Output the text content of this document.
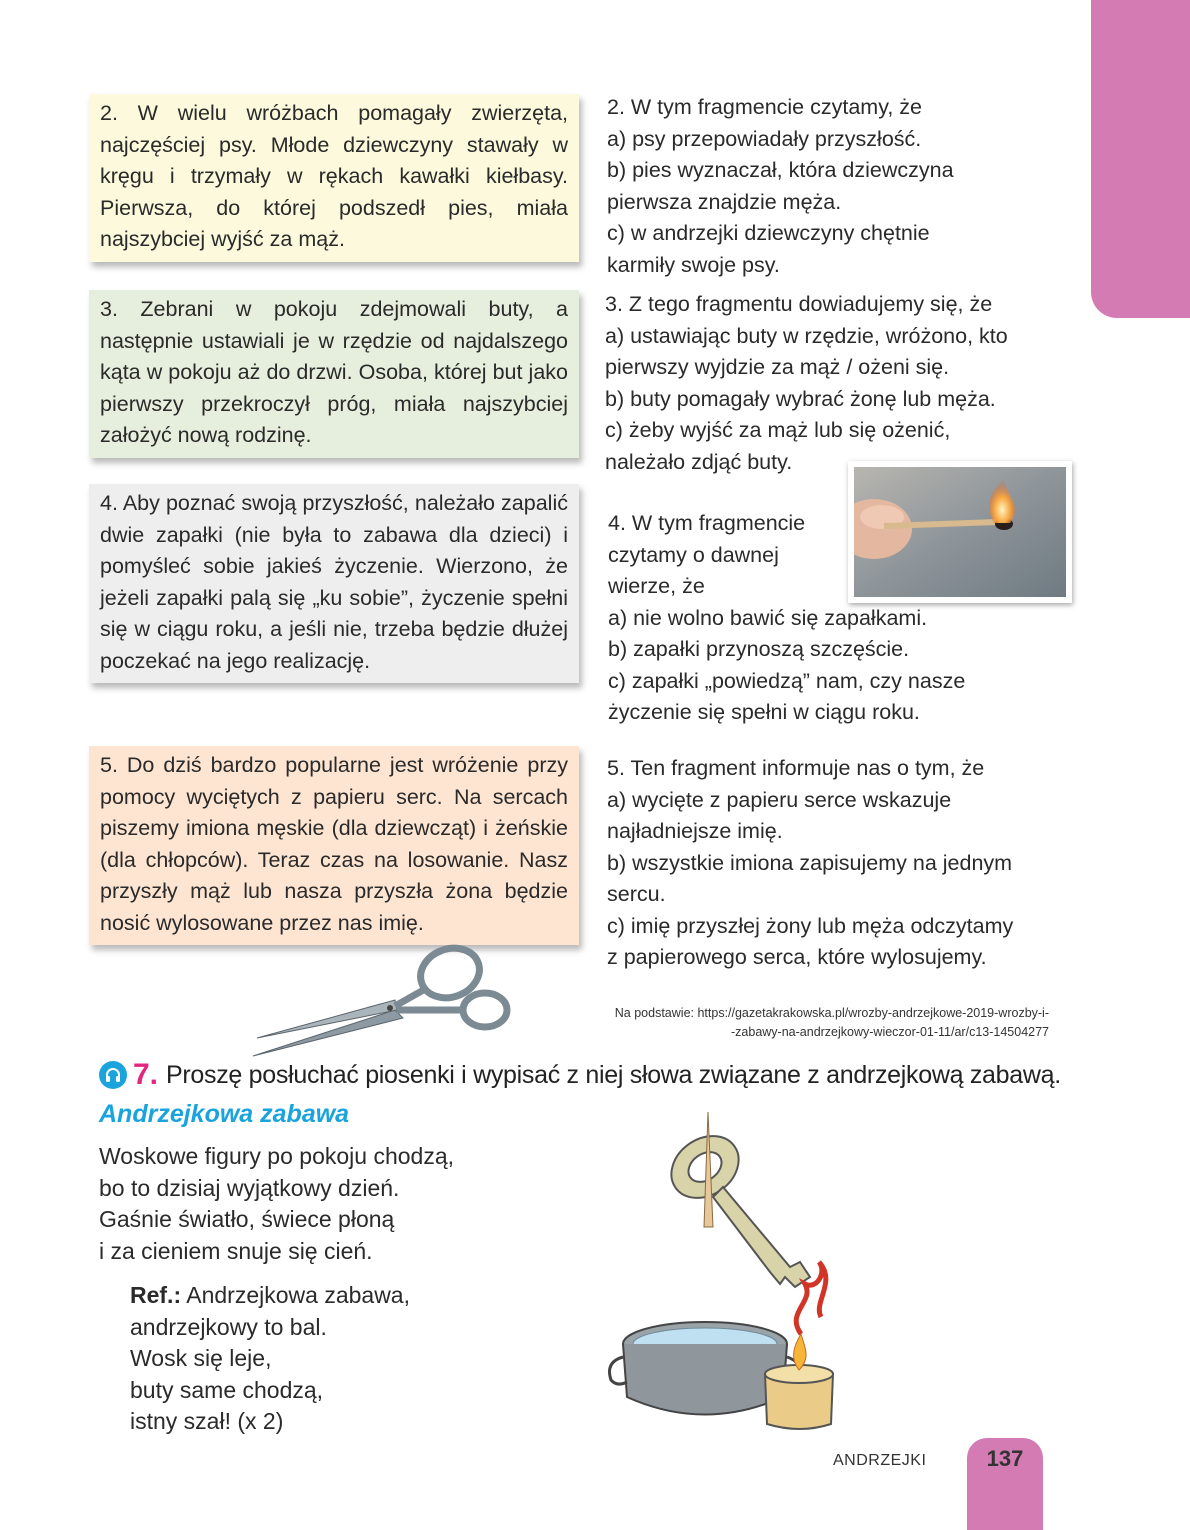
2. W wielu wróżbach pomagały zwierzęta, najczęściej psy. Młode dziewczyny stawały w kręgu i trzymały w rękach kawałki kiełbasy. Pierwsza, do której podszedł pies, miała najszybciej wyjść za mąż.
3. Zebrani w pokoju zdejmowali buty, a następnie ustawiali je w rzędzie od najdalszego kąta w pokoju aż do drzwi. Osoba, której but jako pierwszy przekroczył próg, miała najszybciej założyć nową rodzinę.
4. Aby poznać swoją przyszłość, należało zapalić dwie zapałki (nie była to zabawa dla dzieci) i pomyśleć sobie jakieś życzenie. Wierzono, że jeżeli zapałki palą się „ku sobie”, życzenie spełni się w ciągu roku, a jeśli nie, trzeba będzie dłużej poczekać na jego realizację.
5. Do dziś bardzo popularne jest wróżenie przy pomocy wyciętych z papieru serc. Na sercach piszemy imiona męskie (dla dziewcząt) i żeńskie (dla chłopców). Teraz czas na losowanie. Nasz przyszły mąż lub nasza przyszła żona będzie nosić wylosowane przez nas imię.
2. W tym fragmencie czytamy, że
a) psy przepowiadały przyszłość.
b) pies wyznaczał, która dziewczyna
pierwsza znajdzie męża.
c) w andrzejki dziewczyny chętnie
karmiły swoje psy.
3. Z tego fragmentu dowiadujemy się, że
a) ustawiając buty w rzędzie, wróżono, kto
pierwszy wyjdzie za mąż / ożeni się.
b) buty pomagały wybrać żonę lub męża.
c) żeby wyjść za mąż lub się ożenić,
należało zdjąć buty.
4. W tym fragmencie
czytamy o dawnej
wierze, że
a) nie wolno bawić się zapałkami.
b) zapałki przynoszą szczęście.
c) zapałki „powiedzą” nam, czy nasze
życzenie się spełni w ciągu roku.
5. Ten fragment informuje nas o tym, że
a) wycięte z papieru serce wskazuje
najładniejsze imię.
b) wszystkie imiona zapisujemy na jednym
sercu.
c) imię przyszłej żony lub męża odczytamy
z papierowego serca, które wylosujemy.
Na podstawie: https://gazetakrakowska.pl/wrozby-andrzejkowe-2019-wrozby-i-
-zabawy-na-andrzejkowy-wieczor-01-11/ar/c13-14504277
7. Proszę posłuchać piosenki i wypisać z niej słowa związane z andrzejkową zabawą.
Andrzejkowa zabawa
Woskowe figury po pokoju chodzą,
bo to dzisiaj wyjątkowy dzień.
Gaśnie światło, świece płoną
i za cieniem snuje się cień.
Ref.: Andrzejkowa zabawa,
andrzejkowy to bal.
Wosk się leje,
buty same chodzą,
istny szał! (x 2)
ANDRZEJKI	137
